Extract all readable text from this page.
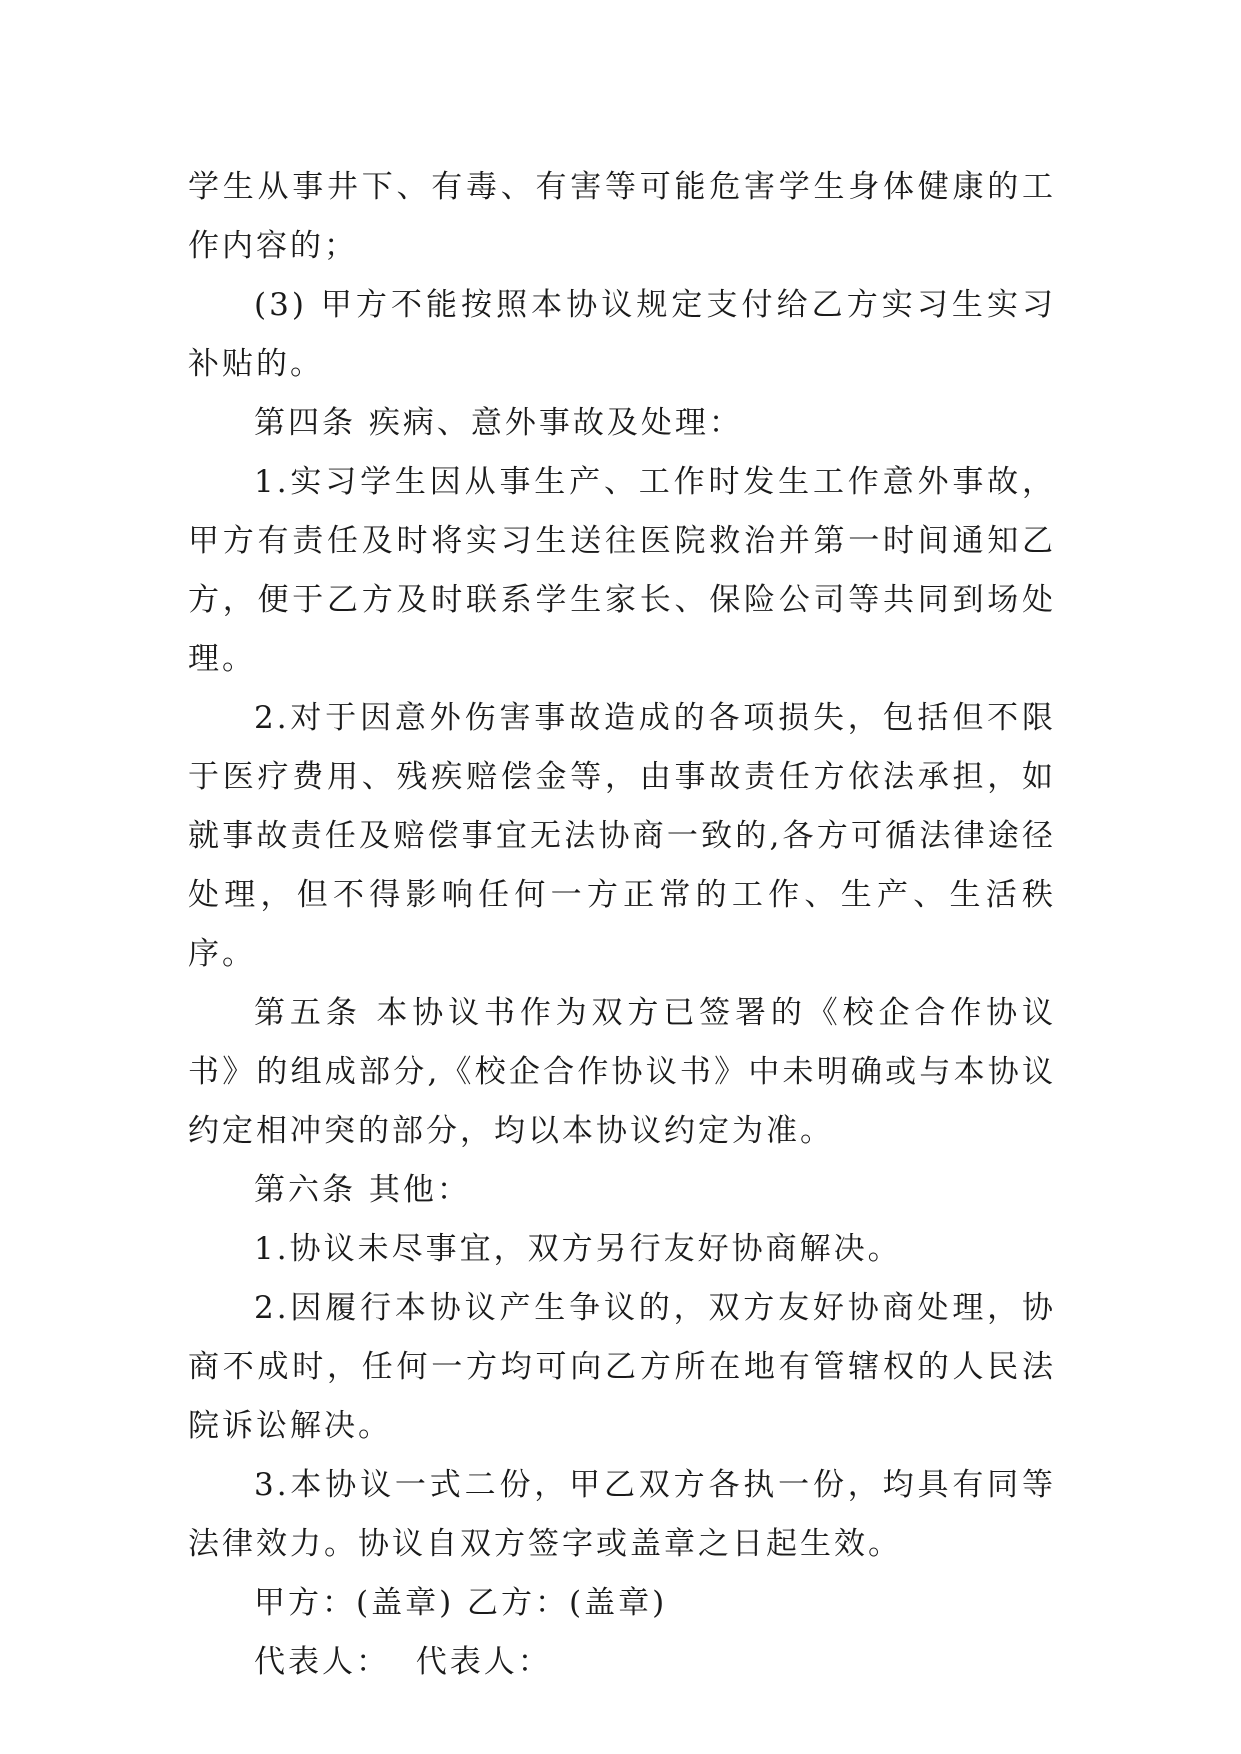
学生从事井下、有毒、有害等可能危害学生身体健康的工作内容的；

(3) 甲方不能按照本协议规定支付给乙方实习生实习补贴的。

第四条 疾病、意外事故及处理：

1.实习学生因从事生产、工作时发生工作意外事故，甲方有责任及时将实习生送往医院救治并第一时间通知乙方，便于乙方及时联系学生家长、保险公司等共同到场处理。

2.对于因意外伤害事故造成的各项损失，包括但不限于医疗费用、残疾赔偿金等，由事故责任方依法承担，如就事故责任及赔偿事宜无法协商一致的,各方可循法律途径处理，但不得影响任何一方正常的工作、生产、生活秩序。

第五条 本协议书作为双方已签署的《校企合作协议书》的组成部分,《校企合作协议书》中未明确或与本协议约定相冲突的部分，均以本协议约定为准。

第六条 其他：

1.协议未尽事宜，双方另行友好协商解决。

2.因履行本协议产生争议的，双方友好协商处理，协商不成时，任何一方均可向乙方所在地有管辖权的人民法院诉讼解决。

3.本协议一式二份，甲乙双方各执一份，均具有同等法律效力。协议自双方签字或盖章之日起生效。

甲方：(盖章) 乙方：(盖章)

代表人：  代表人：
